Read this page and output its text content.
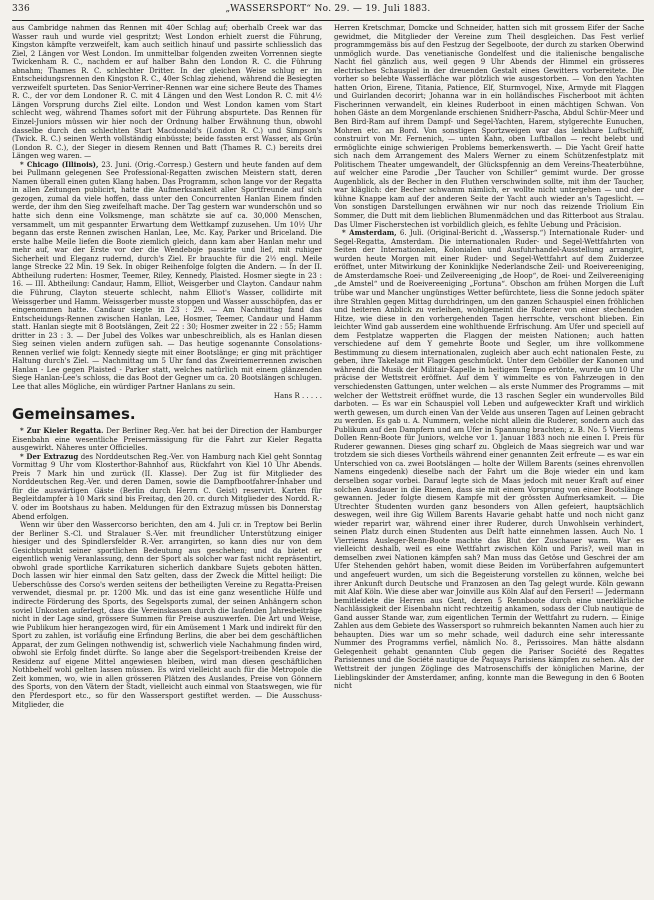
336	„WASSERSPORT“ No. 29. — 19. Juli 1883.

aus Cambridge nahmen das Rennen mit 40er Schlag auf; oberhalb Creek war das Wasser rauh und wurde viel gespritzt; West London erhielt zuerst die Führung, Kingston kämpfte verzweifelt, kam auch seitlich hinauf und passirte schliesslich das Ziel, 2 Längen vor West London. Im unmittelbar folgenden zweiten Vorrennen siegte Twickenham R. C., nachdem er auf halber Bahn den London R. C. die Führung abnahm; Thames R. C. schlechter Dritter. In der gleichen Weise schlug er im Entscheidungsrennen den Kingston R. C., 40er Schlag ziehend, während die Besiegten verzweifelt spurteten. Das Senior-Verriner-Rennen war eine sichere Beute des Thames R. C., der vor dem Londoner R. C. mit 4 Längen und den West London R. C. mit 4½ Längen Vorsprung durchs Ziel eilte. London und West London kamen vom Start schlecht weg, während Thames sofort mit der Führung abspurtete. Das Rennen für Einzel-Juniors müssen wir hier noch der Ordnung halber Erwähnung thun, obwohl dasselbe durch den schlechten Start Macdonald's (London R. C.) und Simpson's (Twick. R. C.) seinen Werth vollständig einbüsste; beide fassten erst Wasser, als Grün (London R. C.), der Sieger in diesem Rennen und Batt (Thames R. C.) bereits drei Längen weg waren. —

* Chicago (Illinois), 23. Juni. (Orig.-Corresp.) Gestern und heute fanden auf dem bei Pullmann gelegenen See Professional-Regatten zwischen Meistern statt, deren Namen überall einen guten Klang haben. Das Programm, schon lange vor der Regatta in allen Zeitungen publicirt, hatte die Aufmerksamkeit aller Sportfreunde auf sich gezogen, zumal da viele hoffen, dass unter den Concurrenten Hanlan Einem finden werde, der ihm den Sieg zweifelhaft mache. Der Tag gestern war wunderschön und so hatte sich denn eine Volksmenge, man schätzte sie auf ca. 30,000 Menschen, versammelt, um mit gespannter Erwartung dem Wettkampf zuzusehen. Um 10½ Uhr begann das erste Rennen zwischen Hanlan, Lee, Mc. Kay, Parker und Briceland. Die erste halbe Meile liefen die Boote ziemlich gleich, dann kam aber Hanlan mehr und mehr auf, war der Erste vor der die Wendeboje passirte und lief, mit ruhiger Sicherheit und Eleganz rudernd, durch's Ziel. Er brauchte für die 2½ engl. Meile lange Strecke 22 Min. 19 Sek. In obiger Reihenfolge folgten die Andern. — In der II. Abtheilung ruderten: Hosmer, Teemer, Riley, Kennedy, Plaisted. Hosmer siegte in 23 : 16. — III. Abtheilung: Candaur, Hamm, Elliot, Weisgerber und Clayton. Candaur nahm die Führung, Clayton steuerte schlecht, nahm Elliot's Wasser, collidirte mit Weissgerber und Hamm. Weissgerber musste stoppen und Wasser ausschöpfen, das er eingenommen hatte. Candaur siegte in 23 : 29. — Am Nachmittag fand das Entscheidungs-Rennen zwischen Hanlan, Lee, Hosmer, Teemer, Candaur und Hamm statt. Hanlan siegte mit 8 Bootslängen, Zeit 22 : 30; Hosmer zweiter in 22 : 55; Hamm dritter in 23 : 3. — Der Jubel des Volkes war unbeschreiblich, als es Hanlan diesen Sieg seinen vielen andern zufügen sah. — Das heutige sogenannte Consolations-Rennen verlief wie folgt: Kennedy siegte mit einer Bootslänge; er ging mit prächtiger Haltung durch's Ziel. — Nachmittag um 5 Uhr fand das Zweiriemerrennen zwischen Hanlan - Lee gegen Plaisted - Parker statt, welches natürlich mit einem glänzenden Siege Hanlan-Lee's schloss, die das Boot der Gegner um ca. 20 Bootslängen schlugen. Lee that alles Mögliche, ein würdiger Partner Hanlans zu sein.

Hans R . . . . .
Gemeinsames.

* Zur Kieler Regatta. Der Berliner Reg.-Ver. hat bei der Direction der Hamburger Eisenbahn eine wesentliche Preisermässigung für die Fahrt zur Kieler Regatta ausgewirkt. Näheres unter Officielles.

* Der Extrazug des Norddeutschen Reg.-Ver. von Hamburg nach Kiel geht Sonntag Vormittag 9 Uhr vom Klosterthor-Bahnhof aus, Rückfahrt von Kiel 10 Uhr Abends. Preis 7 Mark hin und zurück (II. Klasse). Der Zug ist für Mitglieder des Norddeutschen Reg.-Ver. und deren Damen, sowie die Dampfbootfahrer-Inhaber und für die auswärtigen Gäste (Berlin durch Herrn C. Geist) reservirt. Karten für Begleitdampfer à 10 Mark sind bis Freitag, den 20. cr. durch Mitglieder des Nordd. R.-V. oder im Bootshaus zu haben. Meldungen für den Extrazug müssen bis Donnerstag Abend erfolgen.

Wenn wir über den Wassercorso berichten, den am 4. Juli cr. in Treptow bei Berlin der Berliner S.-Cl. und Stralauer S.-Ver. mit freundlicher Unterstützung einiger hiesiger und des Spindlersfelder R.-Ver. arrangirten, so kann dies nur von dem Gesichtspunkt seiner sportlichen Bedeutung aus geschehen; und da bietet er eigentlich wenig Veranlassung, denn der Sport als solcher war fast nicht repräsentirt, obwohl grade sportliche Karrikaturen sicherlich dankbare Sujets geboten hätten. Doch lassen wir hier einmal den Satz gelten, dass der Zweck die Mittel heiligt: Die Ueberschüsse des Corso's werden seitens der betheiligten Vereine zu Regatta-Preisen verwendet, diesmal pr. pr. 1200 Mk. und das ist eine ganz wesentliche Hülfe und indirecte Förderung des Sports, des Segelsports zumal, der seinen Anhängern schon soviel Unkosten auferlegt, dass die Vereinskassen durch die laufenden Jahresbeiträge nicht in der Lage sind, grössere Summen für Preise auszuwerfen. Die Art und Weise, wie Publikum hier herangezogen wird, für ein Amüsement 1 Mark und indirekt für den Sport zu zahlen, ist vorläufig eine Erfindung Berlins, die aber bei dem geschäftlichen Apparat, der zum Gelingen nothwendig ist, schwerlich viele Nachahmung finden wird, obwohl sie Erfolg findet dürfte. So lange aber die Segelsport-treibenden Kreise der Residenz auf eigene Mittel angewiesen bleiben, wird man diesen geschäftlichen Nothbehelf wohl gelten lassen müssen. Es wird vielleicht auch für die Metropole die Zeit kommen, wo, wie in allen grösseren Plätzen des Auslandes, Preise von Gönnern des Sports, von den Vätern der Stadt, vielleicht auch einmal von Staatswegen, wie für den Pferdesport etc., so für den Wassersport gestiftet werden. — Die Ausschuss-Mitglieder, die

Herren Kretschmar, Domcke und Schneider, hatten sich mit grossem Eifer der Sache gewidmet, die Mitglieder der Vereine zum Theil desgleichen. Das Fest verlief programmgemäss bis auf den Festzug der Segelboote, der durch zu starken Oberwind unmöglich wurde. Das venetianische Gondelfest und die italienische bengalische Nacht fiel gänzlich aus, weil gegen 9 Uhr Abends der Himmel ein grösseres electrisches Schauspiel in der dreuenden Gestalt eines Gewitters vorbereitete. Die vorher so belebte Wasserfläche war plötzlich wie ausgestorben. — Von den Yachten hatten Orion, Eirene, Titania, Patience, Elf, Sturmvogel, Nixe, Armyde mit Flaggen und Guirlanden decorirt; Johanna war in ein holländisches Fischerboot mit ächten Fischerinnen verwandelt, ein kleines Ruderboot in einen mächtigen Schwan. Von hohen Gäste an dem Morgenlande erschienen Snidherr-Pascha, Abdul Schür-Meer und Ben Bird-Ram auf ihrem Dampf- und Segel-Yachten, Harem, stylgerechte Eunuchen, Mohren etc. an Bord. Von sonstigen Sportzweigen war das lenkbare Luftschiff, construirt von Mr. Fernenich, — unten Kahn, oben Luftballon — recht belebt und ermöglichte einige schwierigen Problems bemerkenswerth. — Die Yacht Greif hatte sich nach dem Arrangement des Malers Werner zu einem Schützenfestplatz mit Politischem Theater umgewandelt, der Glückspfennig an dem Vereins-Theaterbühne, auf welcher eine Parodie „Der Taucher von Schiller“ gemimt wurde. Der grosse Augenblick, als der Becher in den Fluthen verschwinden sollte, mit ihm der Taucher, war kläglich: der Becher schwamm nämlich, er wollte nicht untergehen — und der kühne Knappe kam auf der anderen Seite der Yacht auch wieder an's Tageslicht. — Von sonstigen Darstellungen erwähnen wir nur noch das reizende Triolium Ein Sommer, die Dutt mit dem lieblichen Blumenmädchen und das Ritterboot aus Stralau. Das Ulmer Fischerstechen ist vorbildlich gleich, es fehlte Uebung und Präcision.

* Amsterdam, 6. Juli. (Original-Bericht d. „Wassersp.“) Internationale Ruder- und Segel-Regatta, Amsterdam. Die internationalen Ruder- und Segel-Wettfahrten von Seiten der Internationalen, Kolonialen und Ausfuhrhandel-Ausstellung arrangirt, wurden heute Morgen mit einer Ruder- und Segel-Wettfahrt auf dem Zuiderzee eröffnet, unter Mitwirkung der Koninklijke Nederlandsche Zeil- und Roeivereeniging, de Amsterdamsche Roei- und Zeilvereeniging „de Hoop“, de Roei- und Zeilvereeniging „de Amstel“ und de Roeivereeniging „Fortuna“. Obschon am frühen Morgen die Luft trübe war und Mancher ungünstiges Wetter befürchtete, liess die Sonne jedoch später ihre Strahlen gegen Mittag durchdringen, um den ganzen Schauspiel einen fröhlichen und heiteren Anblick zu verleihen, wohlgemeint die Ruderer von einer stechenden Hitze, wie diese in den vorhergehenden Tagen herrschte, verschont blieben. Ein leichter Wind gab ausserdem eine wohlthuende Erfrischung. Am Ufer und speciell auf dem Festplatze wapperten die Flaggen der meisten Nationen; auch hatten verschiedene auf dem Y gemehrte Boote und Segler, um ihre vollkommene Bestimmung zu diesem internationalen, zugleich aber auch echt nationalen Feste, zu geben, ihre Takelage mit Flaggen geschmückt. Unter dem Geböller der Kanonen und während die Musik der Militair-Kapelle in heitigem Tempo ertönte, wurde um 10 Uhr präcise der Wettstreit eröffnet. Auf dem Y wimmelte es von Fahrzeugen in den verschiedensten Gattungen, unter welchen — als erste Nummer des Programms — mit welcher der Wettstreit eröffnet wurde, die 13 raschen Segler ein wundervolles Bild darboten. — Es war ein Schauspiel voll Leben und aufgeweckter Kraft und wirklich werth gewesen, um durch einen Van der Velde aus unseren Tagen auf Leinen gebracht zu werden. Es gab u. A. Nummern, welche nicht allein die Ruderer, sondern auch das Publikum auf den Dampfern und am Ufer in Spannung brachten; z. B. No. 5 Vierriems Dollen Renn-Boote für Juniors, welche vor 1. Januar 1883 noch nie einen I. Preis für Ruderer gewannen. Dieses ging scharf zu. Obgleich de Maas siegreich war und war trotzdem sie sich dieses Vortheils während einer genannten Zeit erfreute — es war ein Unterschied von ca. zwei Bootslängen — holte der Willem Barents (seines ehrenvollen Namens eingedenk) dieselbe nach der Fahrt um die Boje wieder ein und kam derselben sogar vorbei. Darauf legte sich de Maas jedoch mit neuer Kraft auf einer solchen Ausdauer in die Riemen, dass sie mit einem Vorsprung von einer Bootslänge gewannen. Jeder folgte diesem Kampfe mit der grössten Aufmerksamkeit. — Die Utrechter Studenten wurden ganz besonders von Allen gefeiert, hauptsächlich deswegen, weil ihre Gig Willem Barents Havarie gehabt hatte und noch nicht ganz wieder reparirt war, während einer ihrer Ruderer, durch Unwohlsein verhindert, seinen Platz durch einen Studenten aus Delft hatte einnehmen lassen. Auch No. 1 Vierriems Ausleger-Renn-Boote machte das Blut der Zuschauer warm. War es vielleicht deshalb, weil es eine Wettfahrt zwischen Köln und Paris?, weil man in demselben zwei Nationen kämpfen sah? Man muss das Getöse und Geschrei der am Ufer Stehenden gehört haben, womit diese Beiden im Vorüberfahren aufgemuntert und angefeuert wurden, um sich die Begeisterung vorstellen zu können, welche bei ihrer Ankunft durch Deutsche und Franzosen an den Tag gelegt wurde. Köln gewann mit Alaf Köln. Wie diese aber war Joinville aus Köln Alaf auf den Ferseri! — Jedermann bemitleidete die Herren aus Gent, deren 5 Rennboote durch eine unerklärliche Nachlässigkeit der Eisenbahn nicht rechtzeitig ankamen, sodass der Club nautique de Gand ausser Stande war, zum eigentlichen Termin der Wettfahrt zu rudern. — Einige Zahlen aus dem Gebiete des Wassersport so ruhmreich bekannten Namen auch hier zu behaupten. Dies war um so mehr schade, weil dadurch eine sehr interessante Nummer des Programms verfiel, nämlich No. 8., Perissoires. Man hätte alsdann Gelegenheit gehabt genannten Club gegen die Pariser Société des Regattes Parisiennes und die Société nautique de Paquays Parisiens kämpfen zu sehen. Als der Wettstreit der jungen Zöglinge des Matrosenschiffs der königlichen Marine, der Lieblingskinder der Amsterdamer, anfing, konnte man die Bewegung in den 6 Booten nicht
